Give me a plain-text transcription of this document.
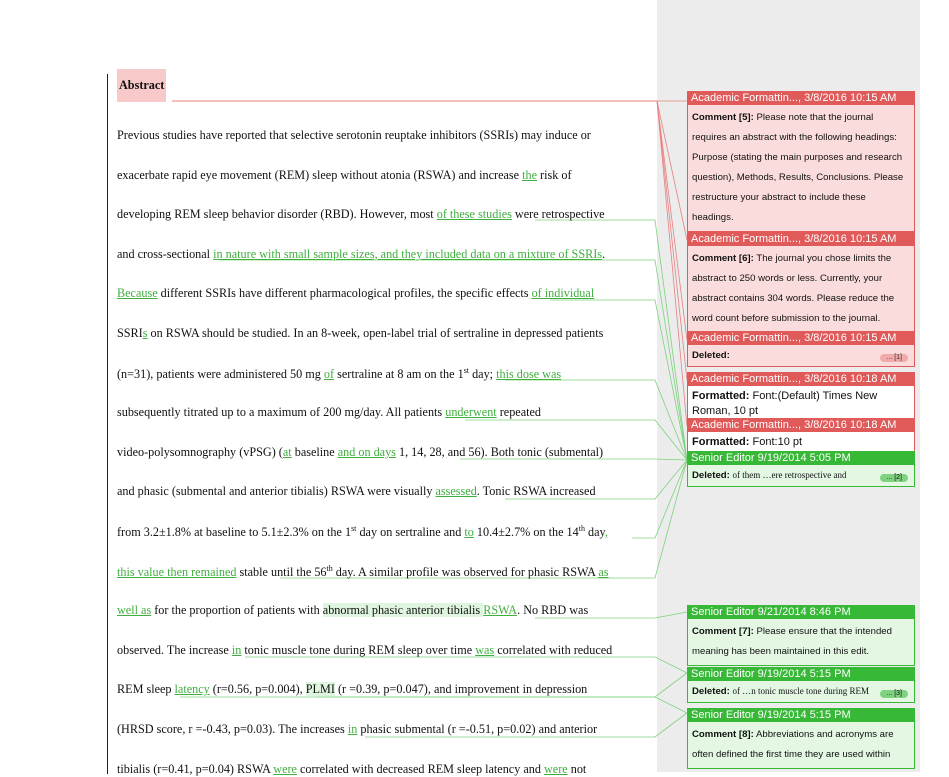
Abstract
Previous studies have reported that selective serotonin reuptake inhibitors (SSRIs) may induce or
exacerbate rapid eye movement (REM) sleep without atonia (RSWA) and increase the risk of
developing REM sleep behavior disorder (RBD). However, most of these studies were retrospective
and cross-sectional in nature with small sample sizes, and they included data on a mixture of SSRIs.
Because different SSRIs have different pharmacological profiles, the specific effects of individual
SSRIs on RSWA should be studied. In an 8-week, open-label trial of sertraline in depressed patients
(n=31), patients were administered 50 mg of sertraline at 8 am on the 1st day; this dose was
subsequently titrated up to a maximum of 200 mg/day. All patients underwent repeated
video-polysomnography (vPSG) (at baseline and on days 1, 14, 28, and 56). Both tonic (submental)
and phasic (submental and anterior tibialis) RSWA were visually assessed. Tonic RSWA increased
from 3.2±1.8% at baseline to 5.1±2.3% on the 1st day on sertraline and to 10.4±2.7% on the 14th day,
this value then remained stable until the 56th day. A similar profile was observed for phasic RSWA as
well as for the proportion of patients with abnormal phasic anterior tibialis RSWA. No RBD was
observed. The increase in tonic muscle tone during REM sleep over time was correlated with reduced
REM sleep latency (r=0.56, p=0.004), PLMI (r =0.39, p=0.047), and improvement in depression
(HRSD score, r =-0.43, p=0.03). The increases in phasic submental (r =-0.51, p=0.02) and anterior
tibialis (r=0.41, p=0.04) RSWA were correlated with decreased REM sleep latency and were not
Academic Formattin..., 3/8/2016 10:15 AM
Comment [5]: Please note that the journal requires an abstract with the following headings: Purpose (stating the main purposes and research question), Methods, Results, Conclusions. Please restructure your abstract to include these headings.
Academic Formattin..., 3/8/2016 10:15 AM
Comment [6]: The journal you chose limits the abstract to 250 words or less. Currently, your abstract contains 304 words. Please reduce the word count before submission to the journal.
Academic Formattin..., 3/8/2016 10:15 AM
Deleted:	... [1]
Academic Formattin..., 3/8/2016 10:18 AM
Formatted: Font:(Default) Times New Roman, 10 pt
Academic Formattin..., 3/8/2016 10:18 AM
Formatted: Font:10 pt
Senior Editor 9/19/2014 5:05 PM
Deleted: of them …ere retrospective and	... [2]
Senior Editor 9/21/2014 8:46 PM
Comment [7]: Please ensure that the intended meaning has been maintained in this edit.
Senior Editor 9/19/2014 5:15 PM
Deleted: of …n tonic muscle tone during REM	... [3]
Senior Editor 9/19/2014 5:15 PM
Comment [8]: Abbreviations and acronyms are often defined the first time they are used within
